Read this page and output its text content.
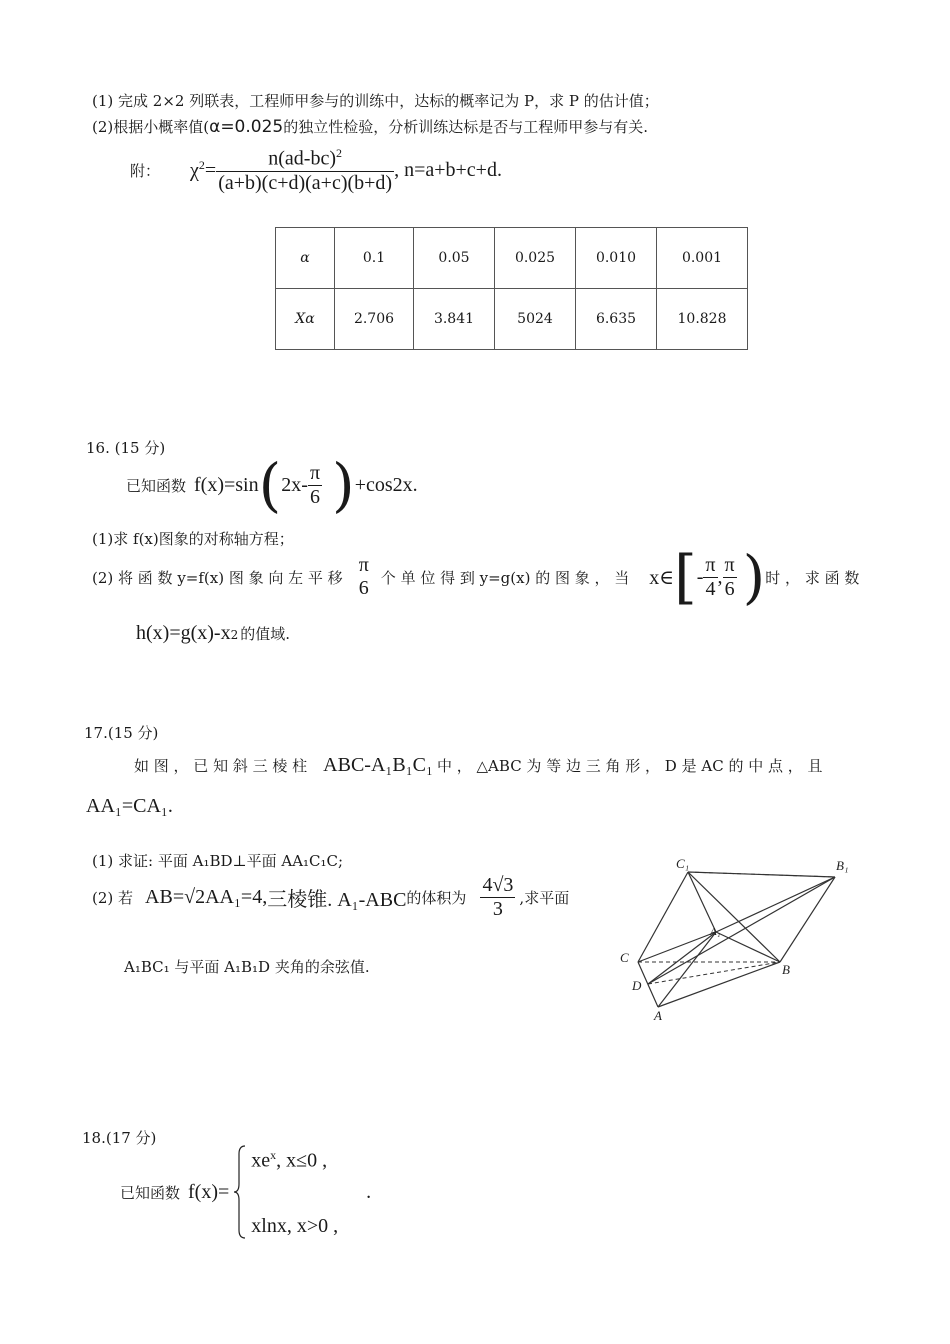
(1) 完成 2×2 列联表，工程师甲参与的训练中，达标的概率记为 P，求 P 的估计值；
(2)根据小概率值(α=0.025的独立性检验，分析训练达标是否与工程师甲参与有关.
附： $\chi^2= \frac{n(ad-bc)^2}{(a+b)(c+d)(a+c)(b+d)}$ , n=a+b+c+d.
α	0.1	0.05	0.025	0.010	0.001
Xα	2.706	3.841	5024	6.635	10.828
16. (15 分)
已知函数 f(x)=sin ( $2x- \frac{\pi}{6}$ ) +cos2x.
(1)求 f(x)图象的对称轴方程；
(2) 将 函 数 y=f(x) 图 象 向 左 平 移
π
6 个 单 位 得 到 y=g(x) 的 图 象 ， 当 x∈ [ - $\frac{\pi}{4}$ , $\frac{\pi}{6}$ ) 时 ， 求 函 数
h(x)=g(x)-x 2 的值域.
17.(15 分)
如 图 ， 已 知 斜 三 棱 柱 ABC-A₁B₁C₁ 中 ， △ABC 为 等 边 三 角 形 ， D 是 AC 的 中 点 ， 且
AA₁=CA₁.
(1) 求证: 平面 A₁BD⊥平面 AA₁C₁C;
(2) 若 AB=√2AA₁=4, 三棱锥. A₁-ABC 的体积为 $\frac{4√3}{3}$ ,求平面
A₁BC₁ 与平面 A₁B₁D 夹角的余弦值.
C₁	B₁
A₁
C
B
D
A
18.(17 分)
已知函数 f(x)=
$xe^x$, x≤0 ,
xlnx, x>0 ,
.
